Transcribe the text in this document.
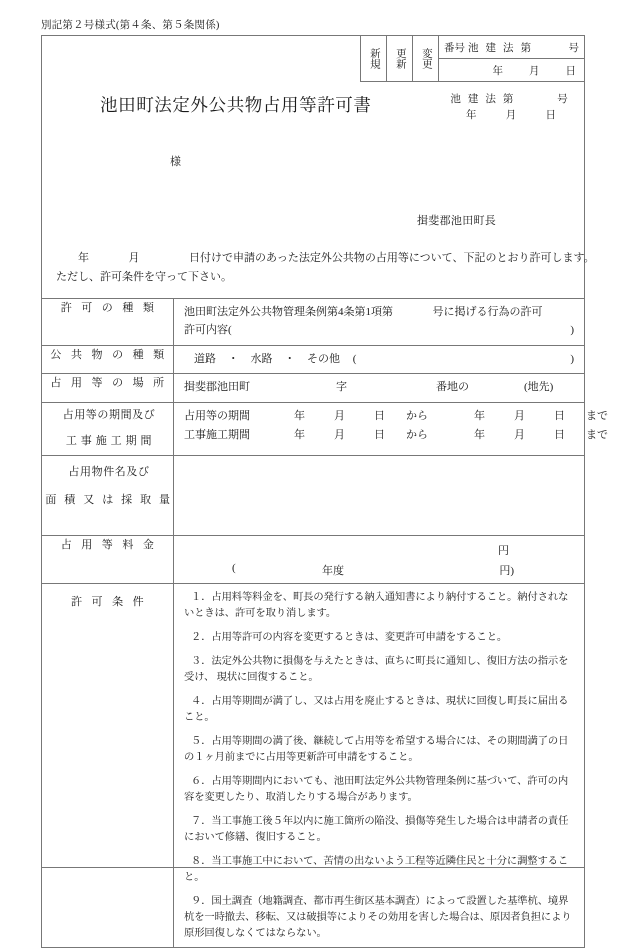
別記第２号様式(第４条、第５条関係)
新規 更新 変更 番号 池 建 法 第	号
年 月 日
池田町法定外公共物占用等許可書	池 建 法 第	号
年	月	日
様
揖斐郡池田町長
年	月	日付けで申請のあった法定外公共物の占用等について、下記のとおり許可します。
ただし、許可条件を守って下さい。
許 可 の 種 類	池田町法定外公共物管理条例第4条第1項第 号に掲げる行為の許可
許可内容( )

公 共 物 の 種 類	道路 ・ 水路 ・ その他 ( )

占 用 等 の 場 所	揖斐郡池田町 字 番地の (地先)

占用等の期間及び
工 事 施 工 期 間

占用等の期間	年	月	日 から	年	月	日 まで
工事施工期間	年	月	日 から	年	月	日 まで

占用物件名及び
面 積 又 は 採 取 量	

占 用 等 料 金	円
( 年度 円)

許 可 条 件	１．占用料等料金を、町長の発行する納入通知書により納付すること。納付されないときは、許可を取り消します。
２．占用等許可の内容を変更するときは、変更許可申請をすること。
３．法定外公共物に損傷を与えたときは、直ちに町長に通知し、復旧方法の指示を受け、 現状に回復すること。
４．占用等期間が満了し、又は占用を廃止するときは、現状に回復し町長に届出ること。
５．占用等期間の満了後、継続して占用等を希望する場合には、その期間満了の日の１ヶ月前までに占用等更新許可申請をすること。
６．占用等期間内においても、池田町法定外公共物管理条例に基づいて、許可の内容を変更したり、取消したりする場合があります。
７．当工事施工後５年以内に施工箇所の陥没、損傷等発生した場合は申請者の責任において修繕、復旧すること。
８．当工事施工中において、苦情の出ないよう工程等近隣住民と十分に調整すること。
９．国土調査（地籍調査、都市再生街区基本調査）によって設置した基準杭、境界杭を一時撤去、移転、又は破損等によりその効用を害した場合は、原因者負担により原形回復しなくてはならない。
